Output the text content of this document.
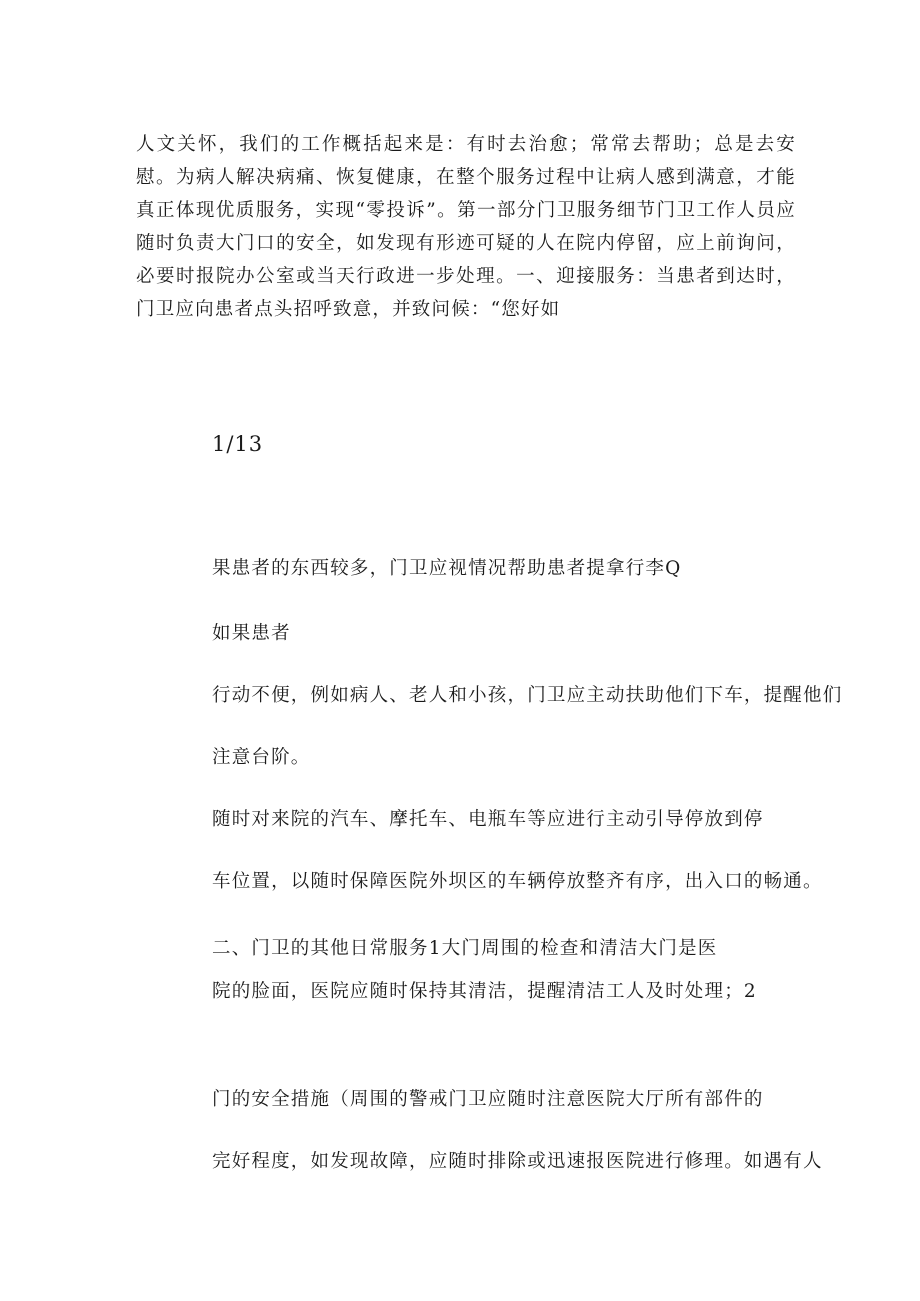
人文关怀，我们的工作概括起来是：有时去治愈；常常去帮助；总是去安慰。为病人解决病痛、恢复健康，在整个服务过程中让病人感到满意，才能真正体现优质服务，实现“零投诉”。第一部分门卫服务细节门卫工作人员应随时负责大门口的安全，如发现有形迹可疑的人在院内停留，应上前询问，必要时报院办公室或当天行政进一步处理。一、迎接服务：当患者到达时，门卫应向患者点头招呼致意，并致问候：“您好如
1/13
果患者的东西较多，门卫应视情况帮助患者提拿行李Q
如果患者
行动不便，例如病人、老人和小孩，门卫应主动扶助他们下车，提醒他们
注意台阶。
随时对来院的汽车、摩托车、电瓶车等应进行主动引导停放到停
车位置，以随时保障医院外坝区的车辆停放整齐有序，出入口的畅通。
二、门卫的其他日常服务1大门周围的检查和清洁大门是医
院的脸面，医院应随时保持其清洁，提醒清洁工人及时处理；2
门的安全措施（周围的警戒门卫应随时注意医院大厅所有部件的
完好程度，如发现故障，应随时排除或迅速报医院进行修理。如遇有人
